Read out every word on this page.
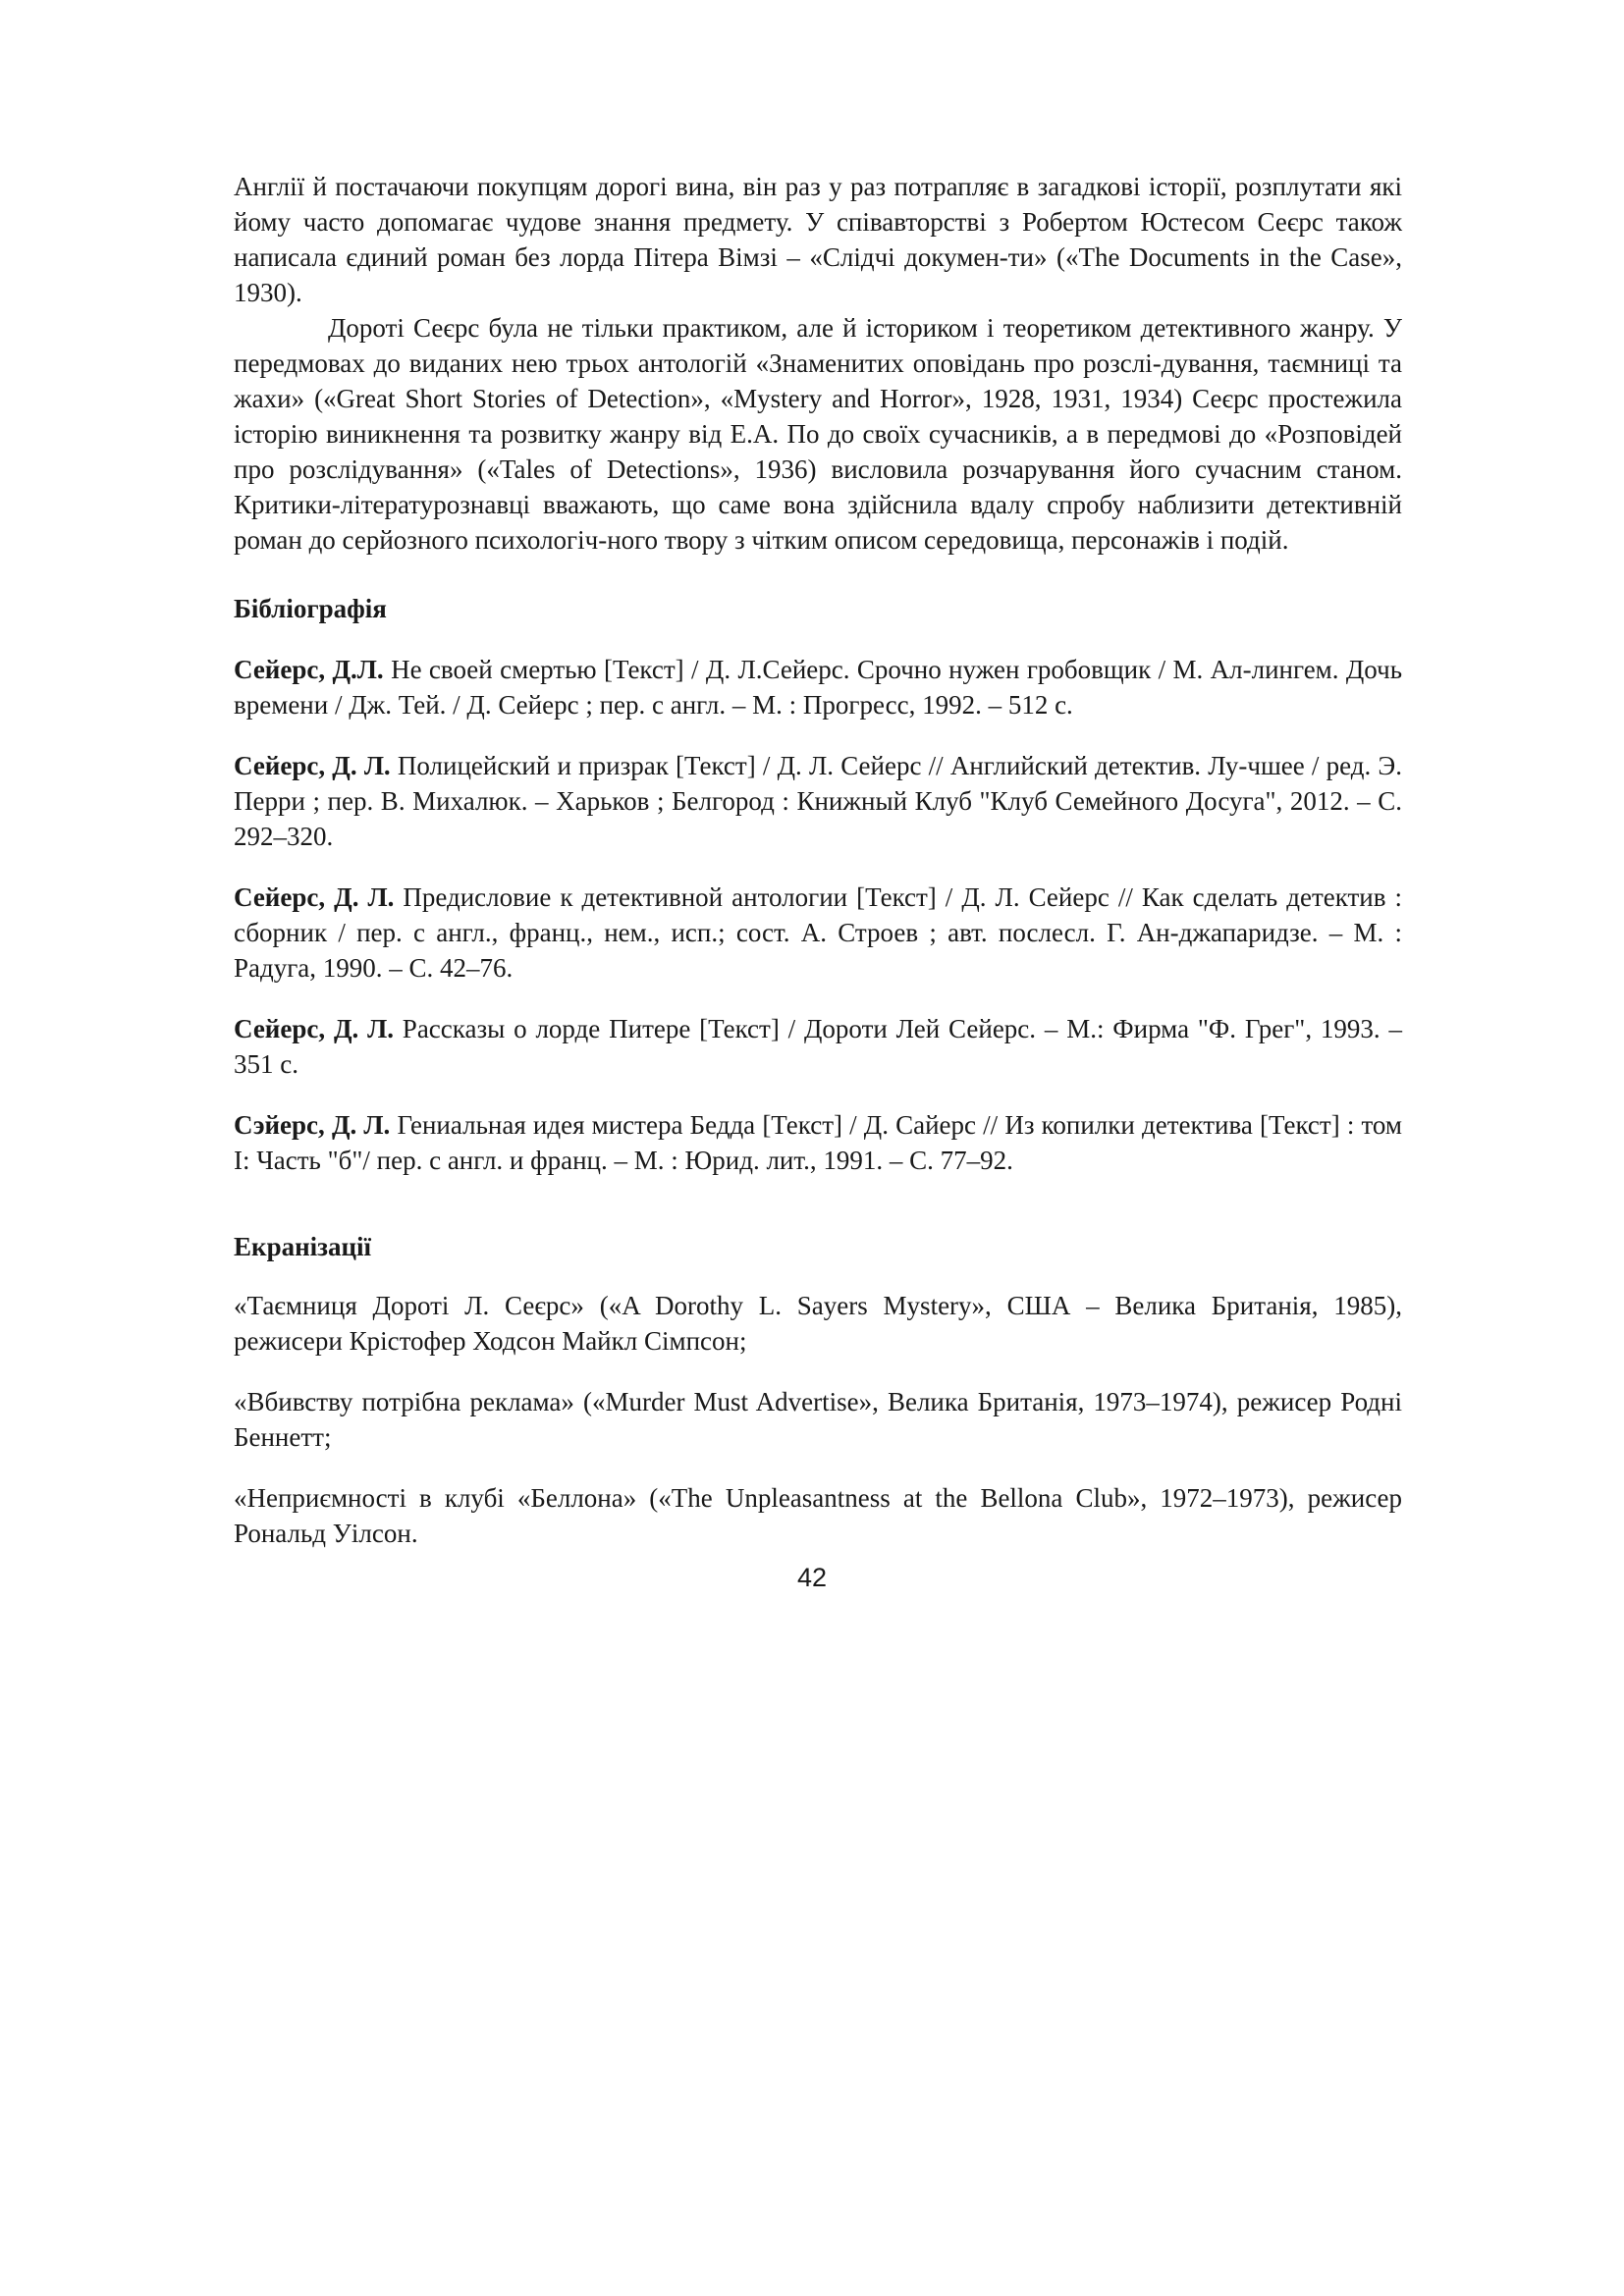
Англії й постачаючи покупцям дорогі вина, він раз у раз потрапляє в загадкові історії, розплутати які йому часто допомагає чудове знання предмету. У співавторстві з Робертом Юстесом Сеєрс також написала єдиний роман без лорда Пітера Вімзі – «Слідчі докумен-ти» («The Documents in the Case», 1930).

Дороті Сеєрс була не тільки практиком, але й істориком і теоретиком детективного жанру. У передмовах до виданих нею трьох антологій «Знаменитих оповідань про розслі-дування, таємниці та жахи» («Great Short Stories of Detection», «Mystery and Horror», 1928, 1931, 1934) Сеєрс простежила історію виникнення та розвитку жанру від Е.А. По до своїх сучасників, а в передмові до «Розповідей про розслідування» («Tales of Detections», 1936) висловила розчарування його сучасним станом. Критики-літературознавці вважають, що саме вона здійснила вдалу спробу наблизити детективній роман до серйозного психологіч-ного твору з чітким описом середовища, персонажів і подій.

Бібліографія

Сейерс, Д.Л. Не своей смертью [Текст] / Д. Л.Сейерс. Срочно нужен гробовщик / М. Ал-лингем. Дочь времени / Дж. Тей. / Д. Сейерс ; пер. с англ. – М. : Прогресс, 1992. – 512 с.

Сейерс, Д. Л. Полицейский и призрак [Текст] / Д. Л. Сейерс // Английский детектив. Лу-чшее / ред. Э. Перри ; пер. В. Михалюк. – Харьков ; Белгород : Книжный Клуб "Клуб Семейного Досуга", 2012. – С. 292–320.

Сейерс, Д. Л. Предисловие к детективной антологии [Текст] / Д. Л. Сейерс // Как сделать детектив : сборник / пер. с англ., франц., нем., исп.; сост. А. Строев ; авт. послесл. Г. Ан-джапаридзе. – М. : Радуга, 1990. – С. 42–76.

Сейерс, Д. Л. Рассказы о лорде Питере [Текст] / Дороти Лей Сейерс. – М.: Фирма "Ф. Грег", 1993. – 351 с.

Сэйерс, Д. Л. Гениальная идея мистера Бедда [Текст] / Д. Сайерс // Из копилки детектива [Текст] : том I: Часть "б"/ пер. с англ. и франц. – М. : Юрид. лит., 1991. – С. 77–92.

Екранізації

«Таємниця Дороті Л. Сеєрс» («A Dorothy L. Sayers Mystery», США – Велика Британія, 1985), режисери Крістофер Ходсон Майкл Сімпсон;

«Вбивству потрібна реклама» («Murder Must Advertise», Велика Британія, 1973–1974), режисер Родні Беннетт;

«Неприємності в клубі «Беллона» («The Unpleasantness at the Bellona Club», 1972–1973), режисер Рональд Уілсон.

42
